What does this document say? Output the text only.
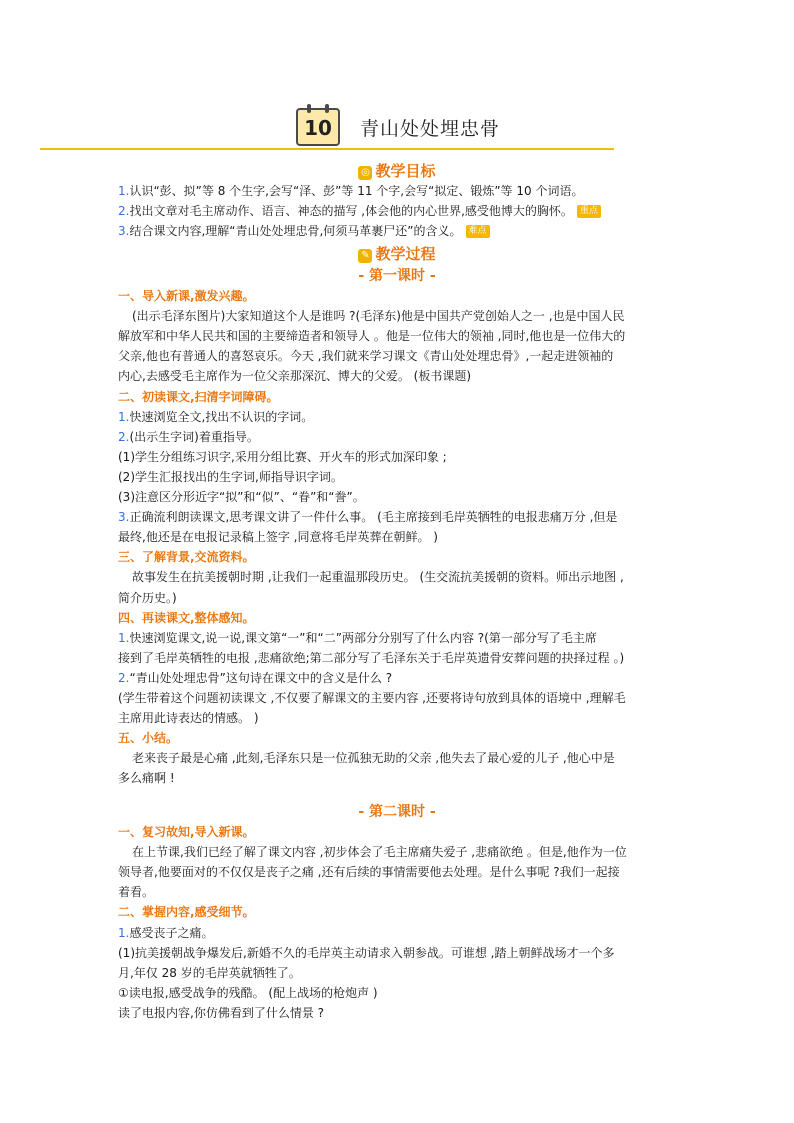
10	青山处处埋忠骨
◎ 教学目标
1.认识“彭、拟”等 8 个生字,会写“泽、彭”等 11 个字,会写“拟定、锻炼”等 10 个词语。
2.找出文章对毛主席动作、语言、神态的描写 ,体会他的内心世界,感受他博大的胸怀。 重点
3.结合课文内容,理解“青山处处埋忠骨,何须马革裹尸还”的含义。 难点
✎ 教学过程
- 第一课时 -
一、导入新课,激发兴趣。
(出示毛泽东图片)大家知道这个人是谁吗 ?(毛泽东)他是中国共产党创始人之一 ,也是中国人民
解放军和中华人民共和国的主要缔造者和领导人 。他是一位伟大的领袖 ,同时,他也是一位伟大的
父亲,他也有普通人的喜怒哀乐。今天 ,我们就来学习课文《青山处处埋忠骨》,一起走进领袖的
内心,去感受毛主席作为一位父亲那深沉、博大的父爱。 (板书课题)
二、初读课文,扫清字词障碍。
1.快速浏览全文,找出不认识的字词。
2.(出示生字词)着重指导。
(1)学生分组练习识字,采用分组比赛、开火车的形式加深印象 ;
(2)学生汇报找出的生字词,师指导识字词。
(3)注意区分形近字“拟”和“似”、“眷”和“誊”。
3.正确流利朗读课文,思考课文讲了一件什么事。 (毛主席接到毛岸英牺牲的电报悲痛万分 ,但是
最终,他还是在电报记录稿上签字 ,同意将毛岸英葬在朝鲜。 )
三、了解背景,交流资料。
故事发生在抗美援朝时期 ,让我们一起重温那段历史。 (生交流抗美援朝的资料。师出示地图 ,
简介历史。)
四、再读课文,整体感知。
1.快速浏览课文,说一说,课文第“一”和“二”两部分分别写了什么内容 ?(第一部分写了毛主席
接到了毛岸英牺牲的电报 ,悲痛欲绝;第二部分写了毛泽东关于毛岸英遗骨安葬问题的抉择过程 。)
2.“青山处处埋忠骨”这句诗在课文中的含义是什么 ?
(学生带着这个问题初读课文 ,不仅要了解课文的主要内容 ,还要将诗句放到具体的语境中 ,理解毛
主席用此诗表达的情感。 )
五、小结。
老来丧子最是心痛 ,此刻,毛泽东只是一位孤独无助的父亲 ,他失去了最心爱的儿子 ,他心中是
多么痛啊 !
- 第二课时 -
一、复习故知,导入新课。
在上节课,我们已经了解了课文内容 ,初步体会了毛主席痛失爱子 ,悲痛欲绝 。但是,他作为一位
领导者,他要面对的不仅仅是丧子之痛 ,还有后续的事情需要他去处理。是什么事呢 ?我们一起接
着看。
二、掌握内容,感受细节。
1.感受丧子之痛。
(1)抗美援朝战争爆发后,新婚不久的毛岸英主动请求入朝参战。可谁想 ,踏上朝鲜战场才一个多
月,年仅 28 岁的毛岸英就牺牲了。
①读电报,感受战争的残酷。 (配上战场的枪炮声 )
读了电报内容,你仿佛看到了什么情景 ?
